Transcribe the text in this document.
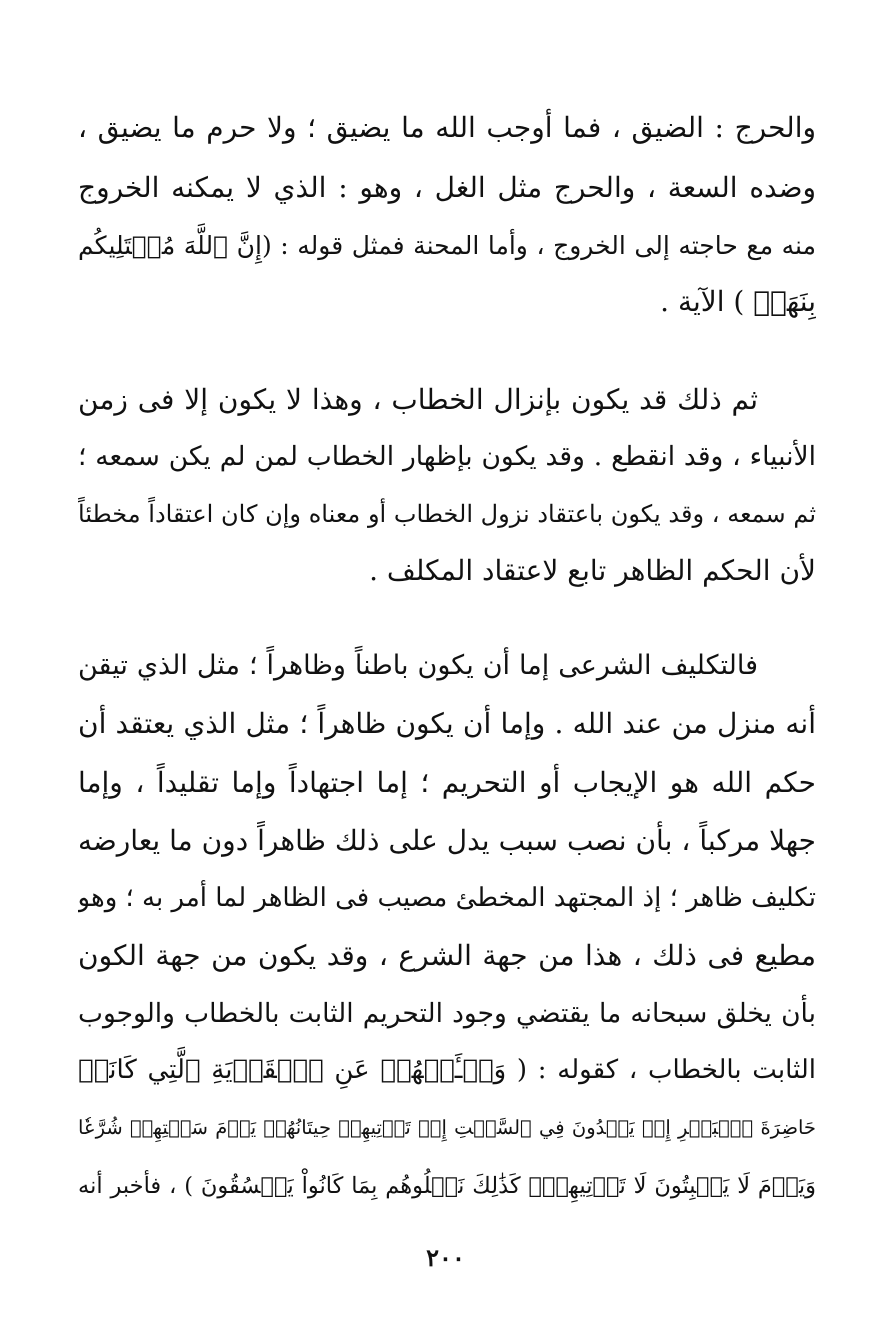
والحرج : الضيق ، فما أوجب الله ما يضيق ؛ ولا حرم ما يضيق ،
وضده السعة ، والحرج مثل الغل ، وهو : الذي لا يمكنه الخروج
منه مع حاجته إلى الخروج ، وأما المحنة فمثل قوله : (إِنَّ ٱللَّهَ مُبۡتَلِيكُم
بِنَهَرٖ ) الآية .
ثم ذلك قد يكون بإنزال الخطاب ، وهذا لا يكون إلا فى زمن
الأنبياء ، وقد انقطع . وقد يكون بإظهار الخطاب لمن لم يكن سمعه ؛
ثم سمعه ، وقد يكون باعتقاد نزول الخطاب أو معناه وإن كان اعتقاداً مخطئاً
لأن الحكم الظاهر تابع لاعتقاد المكلف .
فالتكليف الشرعى إما أن يكون باطناً وظاهراً ؛ مثل الذي تيقن
أنه منزل من عند الله . وإما أن يكون ظاهراً ؛ مثل الذي يعتقد أن
حكم الله هو الإيجاب أو التحريم ؛ إما اجتهاداً وإما تقليداً ، وإما
جهلا مركباً ، بأن نصب سبب يدل على ذلك ظاهراً دون ما يعارضه
تكليف ظاهر ؛ إذ المجتهد المخطئ مصيب فى الظاهر لما أمر به ؛ وهو
مطيع فى ذلك ، هذا من جهة الشرع ، وقد يكون من جهة الكون
بأن يخلق سبحانه ما يقتضي وجود التحريم الثابت بالخطاب والوجوب
الثابت بالخطاب ، كقوله : ( وَسۡـَٔلۡهُمۡ عَنِ ٱلۡقَرۡيَةِ ٱلَّتِي كَانَتۡ
حَاضِرَةَ ٱلۡبَحۡرِ إِذۡ يَعۡدُونَ فِي ٱلسَّبۡتِ إِذۡ تَأۡتِيهِمۡ حِيتَانُهُمۡ يَوۡمَ سَبۡتِهِمۡ شُرَّعٗا
وَيَوۡمَ لَا يَسۡبِتُونَ لَا تَأۡتِيهِمۡۚ كَذَٰلِكَ نَبۡلُوهُم بِمَا كَانُواْ يَفۡسُقُونَ ) ، فأخبر أنه
٢٠٠
